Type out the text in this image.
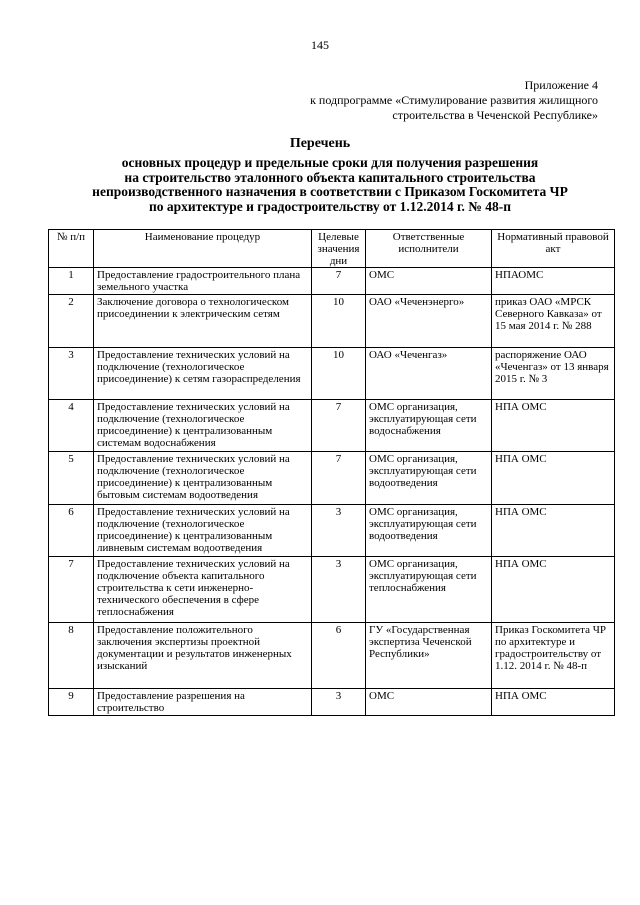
145
Приложение 4
к подпрограмме «Стимулирование развития жилищного
строительства в Чеченской Республике»
Перечень
основных процедур и предельные сроки для получения разрешения
на строительство эталонного объекта капитального строительства
непроизводственного назначения в соответствии с Приказом Госкомитета ЧР
по архитектуре и градостроительству от 1.12.2014 г. № 48-п
№ п/п	Наименование процедур	Целевые значения дни	Ответственные исполнители	Нормативный правовой акт
1	Предоставление градостроительного плана земельного участка	7	ОМС	НПАОМС
2	Заключение договора о технологическом присоединении к электрическим сетям	10	ОАО «Чеченэнерго»	приказ ОАО «МРСК Северного Кавказа» от 15 мая 2014 г. № 288
3	Предоставление технических условий на подключение (технологическое присоединение) к сетям газораспределения	10	ОАО «Чеченгаз»	распоряжение ОАО «Чеченгаз» от 13 января 2015 г. № 3
4	Предоставление технических условий на подключение (технологическое присоединение) к централизованным системам водоснабжения	7	ОМС организация, эксплуатирующая сети водоснабжения	НПА ОМС
5	Предоставление технических условий на подключение (технологическое присоединение) к централизованным бытовым системам водоотведения	7	ОМС организация, эксплуатирующая сети водоотведения	НПА ОМС
6	Предоставление технических условий на подключение (технологическое присоединение) к централизованным ливневым системам водоотведения	3	ОМС организация, эксплуатирующая сети водоотведения	НПА ОМС
7	Предоставление технических условий на подключение объекта капитального строительства к сети инженерно-технического обеспечения в сфере теплоснабжения	3	ОМС организация, эксплуатирующая сети теплоснабжения	НПА ОМС
8	Предоставление положительного заключения экспертизы проектной документации и результатов инженерных изысканий	6	ГУ «Государственная экспертиза Чеченской Республики»	Приказ Госкомитета ЧР по архитектуре и градостроительству от 1.12. 2014 г. № 48-п
9	Предоставление разрешения на строительство	3	ОМС	НПА ОМС
